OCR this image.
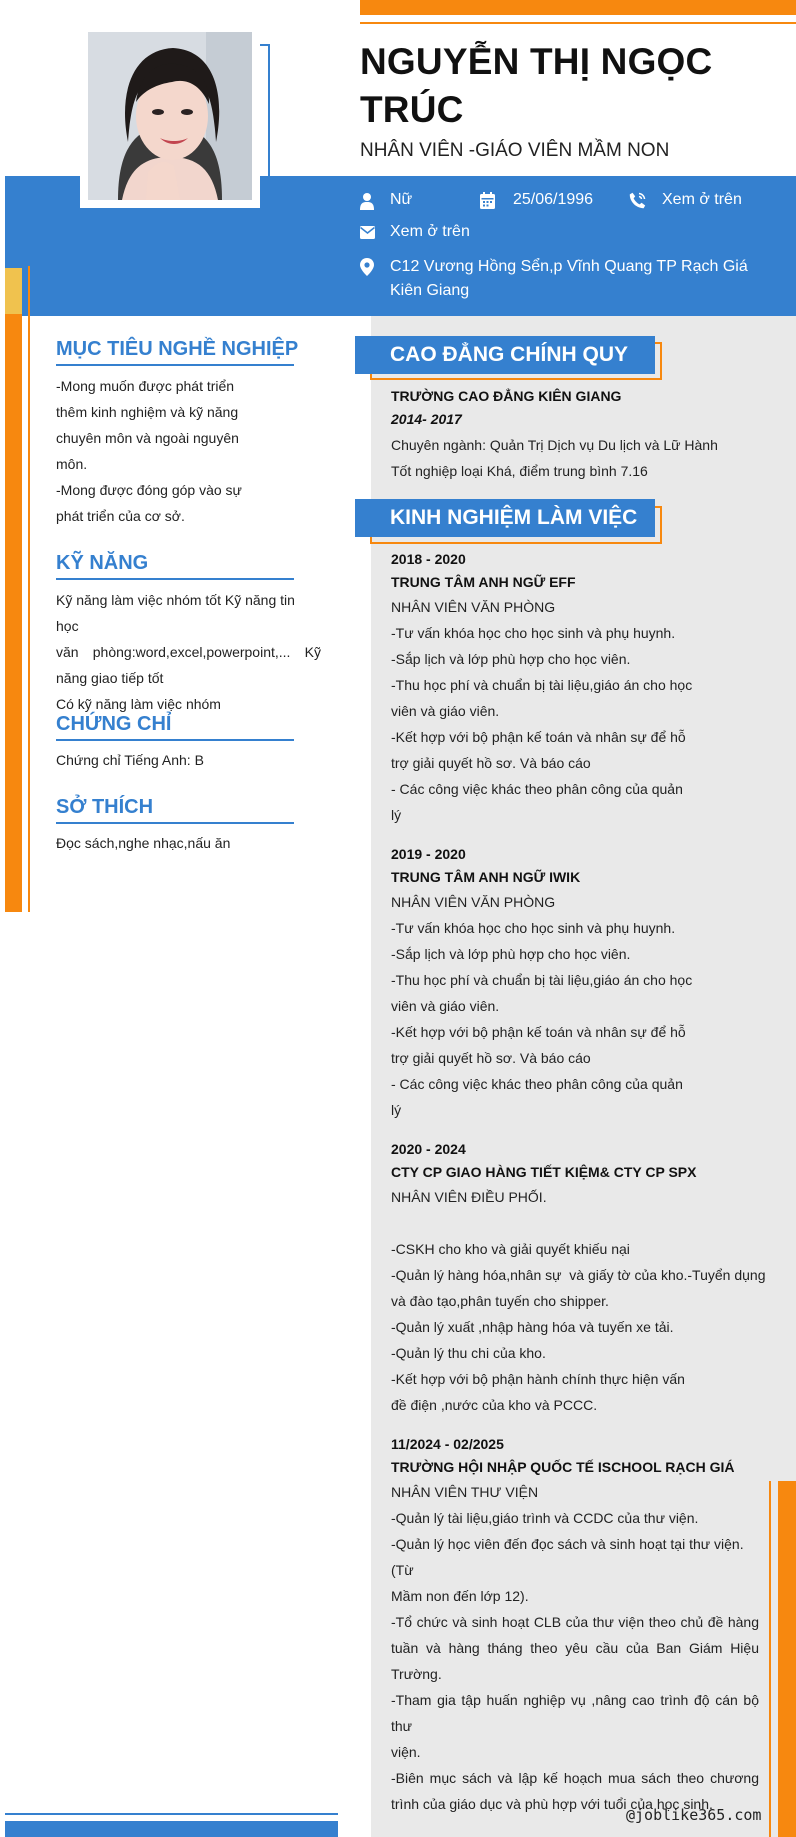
NGUYỄN THỊ NGỌC TRÚC
NHÂN VIÊN -GIÁO VIÊN MẦM NON
Nữ	25/06/1996	Xem ở trên
Xem ở trên
C12 Vương Hồng Sển,p Vĩnh Quang TP Rạch Giá Kiên Giang
MỤC TIÊU NGHỀ NGHIỆP
-Mong muốn được phát triển
thêm kinh nghiệm và kỹ năng
chuyên môn và ngoài nguyên
môn.
-Mong được đóng góp vào sự
phát triển của cơ sở.
KỸ NĂNG
Kỹ năng làm việc nhóm tốt Kỹ năng tin học
văn phòng:word,excel,powerpoint,... Kỹ
năng giao tiếp tốt
Có kỹ năng làm việc nhóm
CHỨNG CHỈ
Chứng chỉ Tiếng Anh: B
SỞ THÍCH
Đọc sách,nghe nhạc,nấu ăn
CAO ĐẲNG CHÍNH QUY
TRƯỜNG CAO ĐẲNG KIÊN GIANG
2014- 2017
Chuyên ngành: Quản Trị Dịch vụ Du lịch và Lữ Hành
Tốt nghiệp loại Khá, điểm trung bình 7.16
KINH NGHIỆM LÀM VIỆC
2018 - 2020
TRUNG TÂM ANH NGỮ EFF
NHÂN VIÊN VĂN PHÒNG
-Tư vấn khóa học cho học sinh và phụ huynh.
-Sắp lịch và lớp phù hợp cho học viên.
-Thu học phí và chuẩn bị tài liệu,giáo án cho học
viên và giáo viên.
-Kết hợp với bộ phận kế toán và nhân sự để hỗ
trợ giải quyết hồ sơ. Và báo cáo
- Các công việc khác theo phân công của quản
lý
2019 - 2020
TRUNG TÂM ANH NGỮ IWIK
NHÂN VIÊN VĂN PHÒNG
-Tư vấn khóa học cho học sinh và phụ huynh.
-Sắp lịch và lớp phù hợp cho học viên.
-Thu học phí và chuẩn bị tài liệu,giáo án cho học
viên và giáo viên.
-Kết hợp với bộ phận kế toán và nhân sự để hỗ
trợ giải quyết hồ sơ. Và báo cáo
- Các công việc khác theo phân công của quản
lý
2020 - 2024
CTY CP GIAO HÀNG TIẾT KIỆM& CTY CP SPX
NHÂN VIÊN ĐIỀU PHỐI.
-CSKH cho kho và giải quyết khiếu nại
-Quản lý hàng hóa,nhân sự  và giấy tờ của kho.-Tuyển dụng
và đào tạo,phân tuyến cho shipper.
-Quản lý xuất ,nhập hàng hóa và tuyến xe tải.
-Quản lý thu chi của kho.
-Kết hợp với bộ phận hành chính thực hiện vấn
đề điện ,nước của kho và PCCC.
11/2024 - 02/2025
TRƯỜNG HỘI NHẬP QUỐC TẾ ISCHOOL RẠCH GIÁ
NHÂN VIÊN THƯ VIỆN
-Quản lý tài liệu,giáo trình và CCDC của thư viện.
-Quản lý học viên đến đọc sách và sinh hoạt tại thư viện.(Từ
Mầm non đến lớp 12).
-Tổ chức và sinh hoạt CLB của thư viện theo chủ đề hàng
tuần và hàng tháng theo yêu cầu của Ban Giám Hiệu
Trường.
-Tham gia tập huấn nghiệp vụ ,nâng cao trình độ cán bộ thư
viện.
-Biên mục sách và lập kế hoạch mua sách theo chương
trình của giáo dục và phù hợp với tuổi của học sinh.
@joblike365.com
